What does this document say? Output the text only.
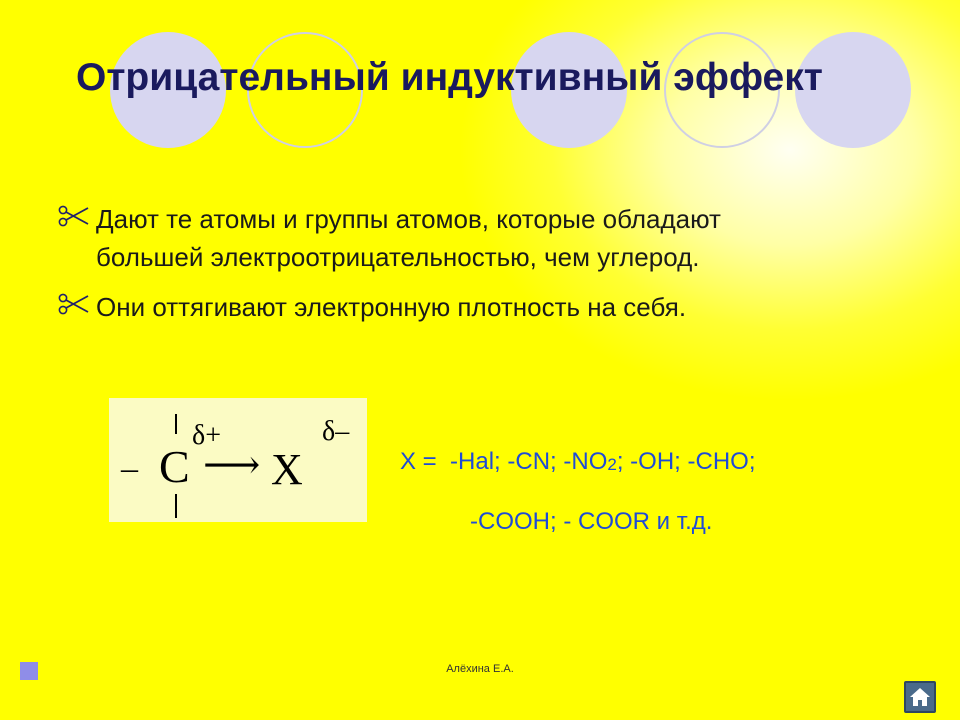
Отрицательный индуктивный эффект
Дают те атомы и группы атомов, которые обладают
большей электроотрицательностью, чем углерод.
Они оттягивают электронную плотность на себя.
– C
δ+
⟶ X
δ–
X = -Hal; -CN; $-NO_2$; -OH; -CHO;
-COOH; - COOR и т.д.
Алёхина Е.А.
